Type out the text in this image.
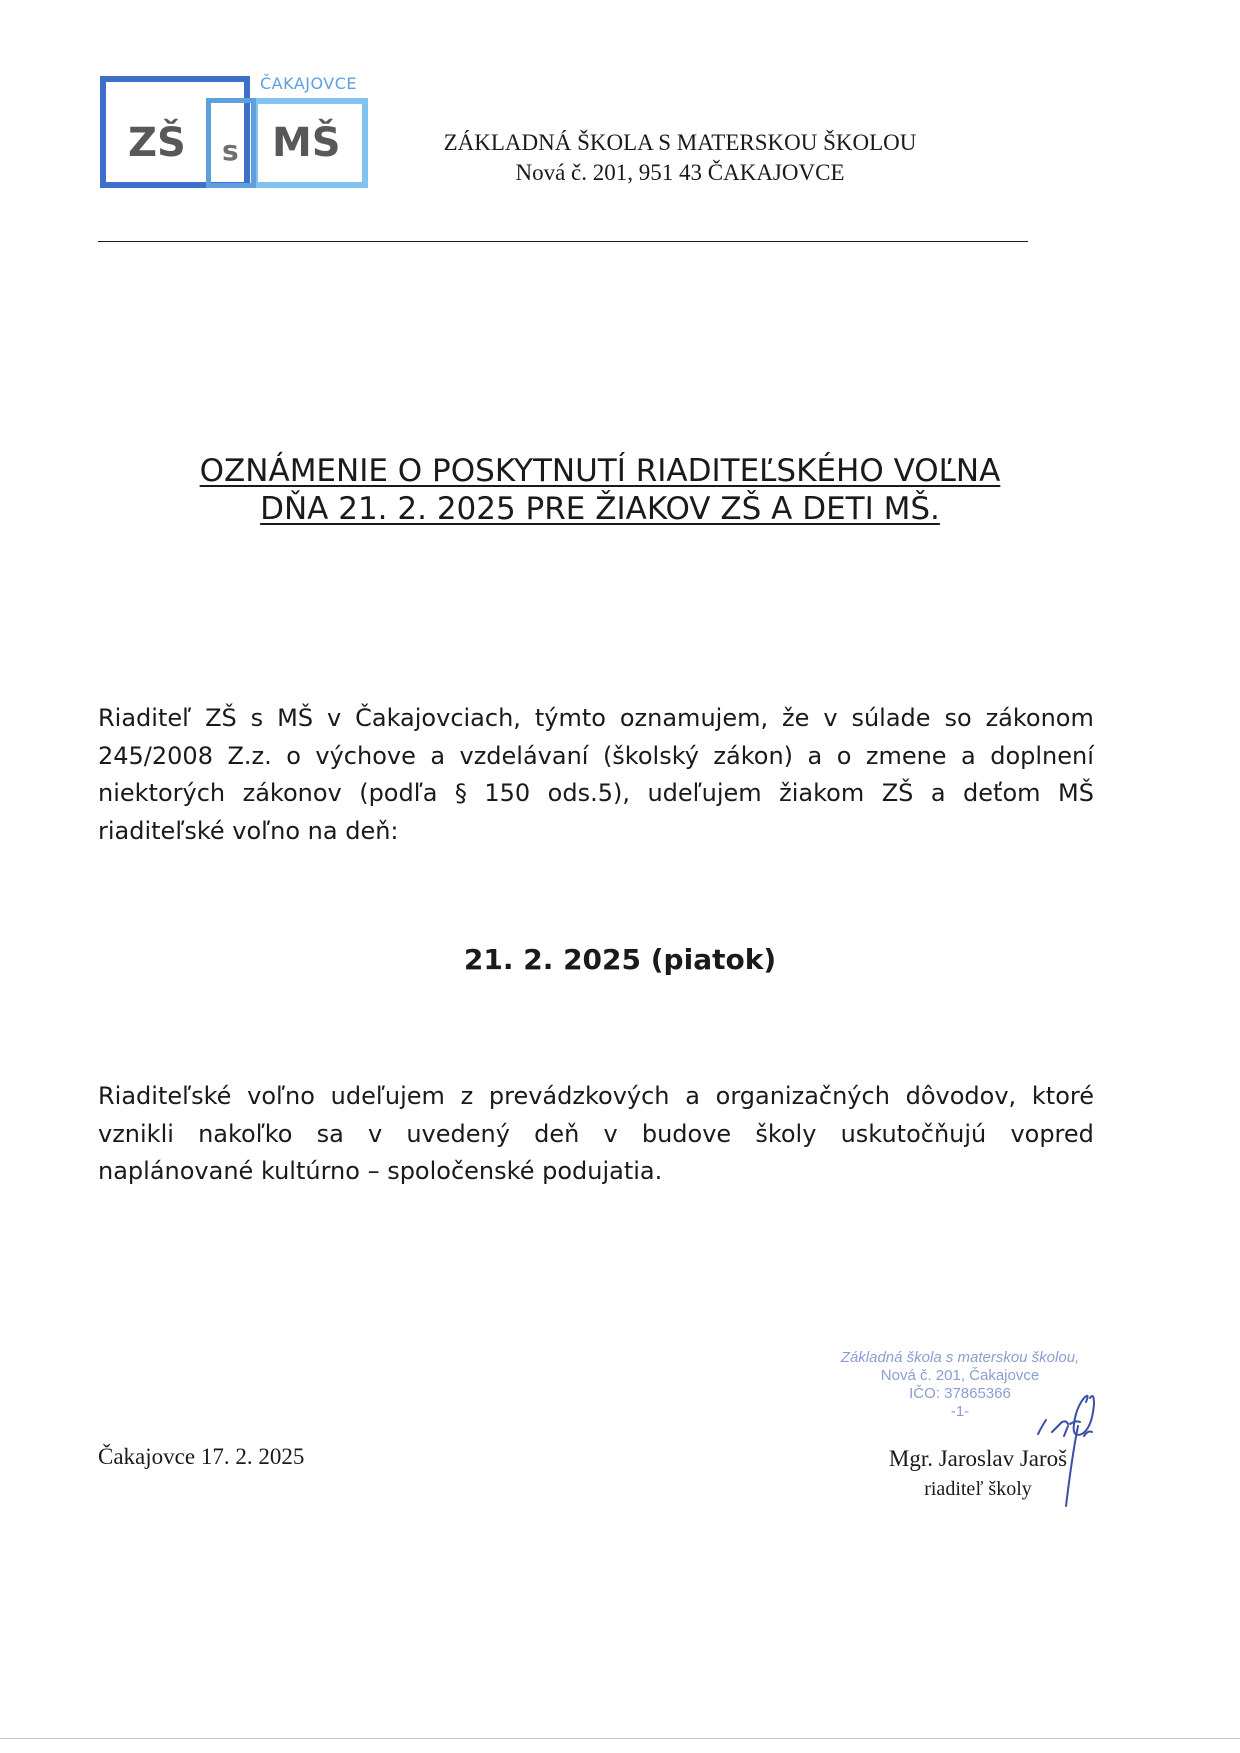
ČAKAJOVCE
ZŠ s MŠ	ZÁKLADNÁ ŠKOLA S MATERSKOU ŠKOLOU
Nová č. 201, 951 43 ČAKAJOVCE
OZNÁMENIE O POSKYTNUTÍ RIADITEĽSKÉHO VOĽNA
DŇA 21. 2. 2025 PRE ŽIAKOV ZŠ A DETI MŠ.
Riaditeľ ZŠ s MŠ v Čakajovciach, týmto oznamujem, že v súlade so zákonom
245/2008 Z.z. o výchove a vzdelávaní (školský zákon) a o zmene a doplnení
niektorých zákonov (podľa § 150 ods.5), udeľujem žiakom ZŠ a deťom MŠ
riaditeľské voľno na deň:
21. 2. 2025 (piatok)
Riaditeľské voľno udeľujem z prevádzkových a organizačných dôvodov, ktoré
vznikli nakoľko sa v uvedený deň v budove školy uskutočňujú vopred
naplánované kultúrno – spoločenské podujatia.
Základná škola s materskou školou,
Nová č. 201, Čakajovce
IČO: 37865366
-1-
Čakajovce 17. 2. 2025	Mgr. Jaroslav Jaroš
riaditeľ školy
